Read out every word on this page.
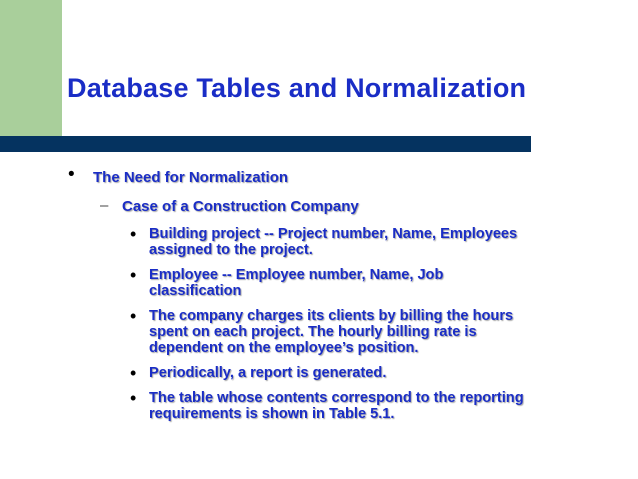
Database Tables and Normalization
• The Need for Normalization
– Case of a Construction Company
• Building project -- Project number, Name, Employees
assigned to the project.
• Employee -- Employee number, Name, Job
classification
• The company charges its clients by billing the hours
spent on each project. The hourly billing rate is
dependent on the employee’s position.
• Periodically, a report is generated.
• The table whose contents correspond to the reporting
requirements is shown in Table 5.1.
